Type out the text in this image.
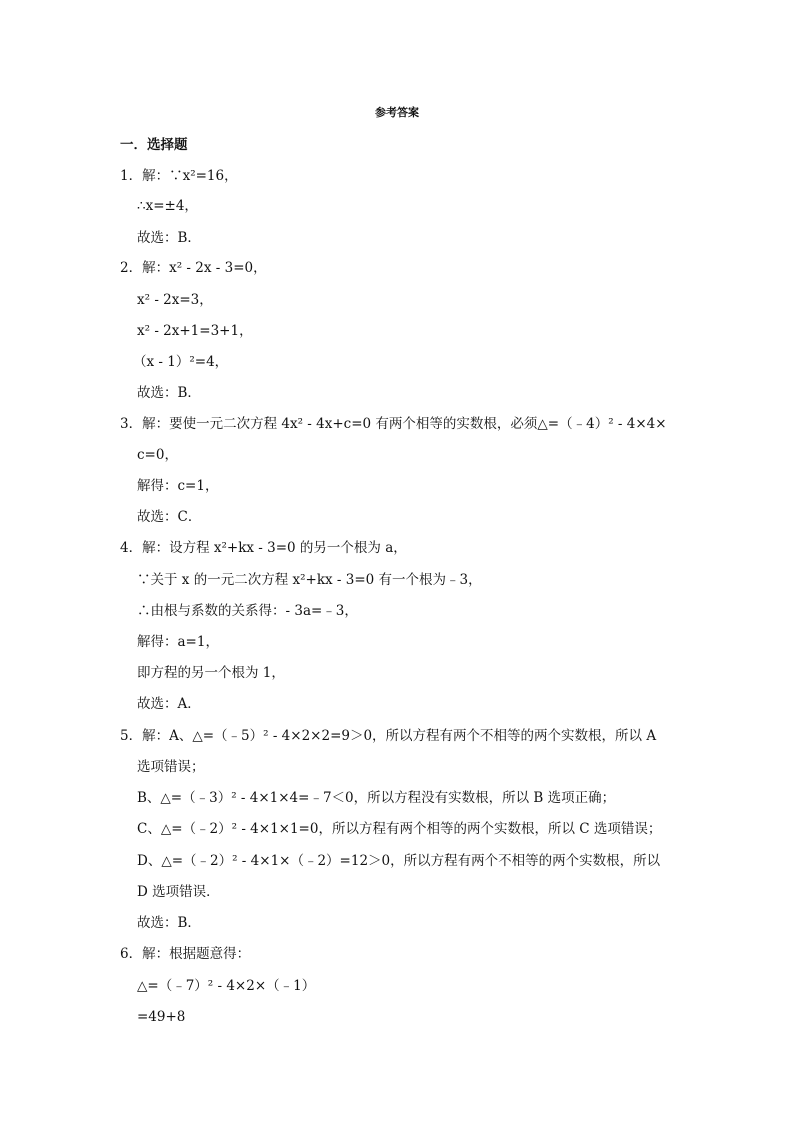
参考答案
一．选择题
1．解：∵x²=16，
∴x=±4，
故选：B．
2．解：x² - 2x - 3=0，
x² - 2x=3，
x² - 2x+1=3+1，
（x - 1）²=4，
故选：B．
3．解：要使一元二次方程 4x² - 4x+c=0 有两个相等的实数根，必须△=（﹣4）² - 4×4×
c=0，
解得：c=1，
故选：C．
4．解：设方程 x²+kx - 3=0 的另一个根为 a，
∵关于 x 的一元二次方程 x²+kx - 3=0 有一个根为﹣3，
∴由根与系数的关系得：- 3a=﹣3，
解得：a=1，
即方程的另一个根为 1，
故选：A．
5．解：A、△=（﹣5）² - 4×2×2=9＞0，所以方程有两个不相等的两个实数根，所以 A
选项错误；
B、△=（﹣3）² - 4×1×4=﹣7＜0，所以方程没有实数根，所以 B 选项正确；
C、△=（﹣2）² - 4×1×1=0，所以方程有两个相等的两个实数根，所以 C 选项错误；
D、△=（﹣2）² - 4×1×（﹣2）=12＞0，所以方程有两个不相等的两个实数根，所以
D 选项错误．
故选：B．
6．解：根据题意得：
△=（﹣7）² - 4×2×（﹣1）
=49+8
